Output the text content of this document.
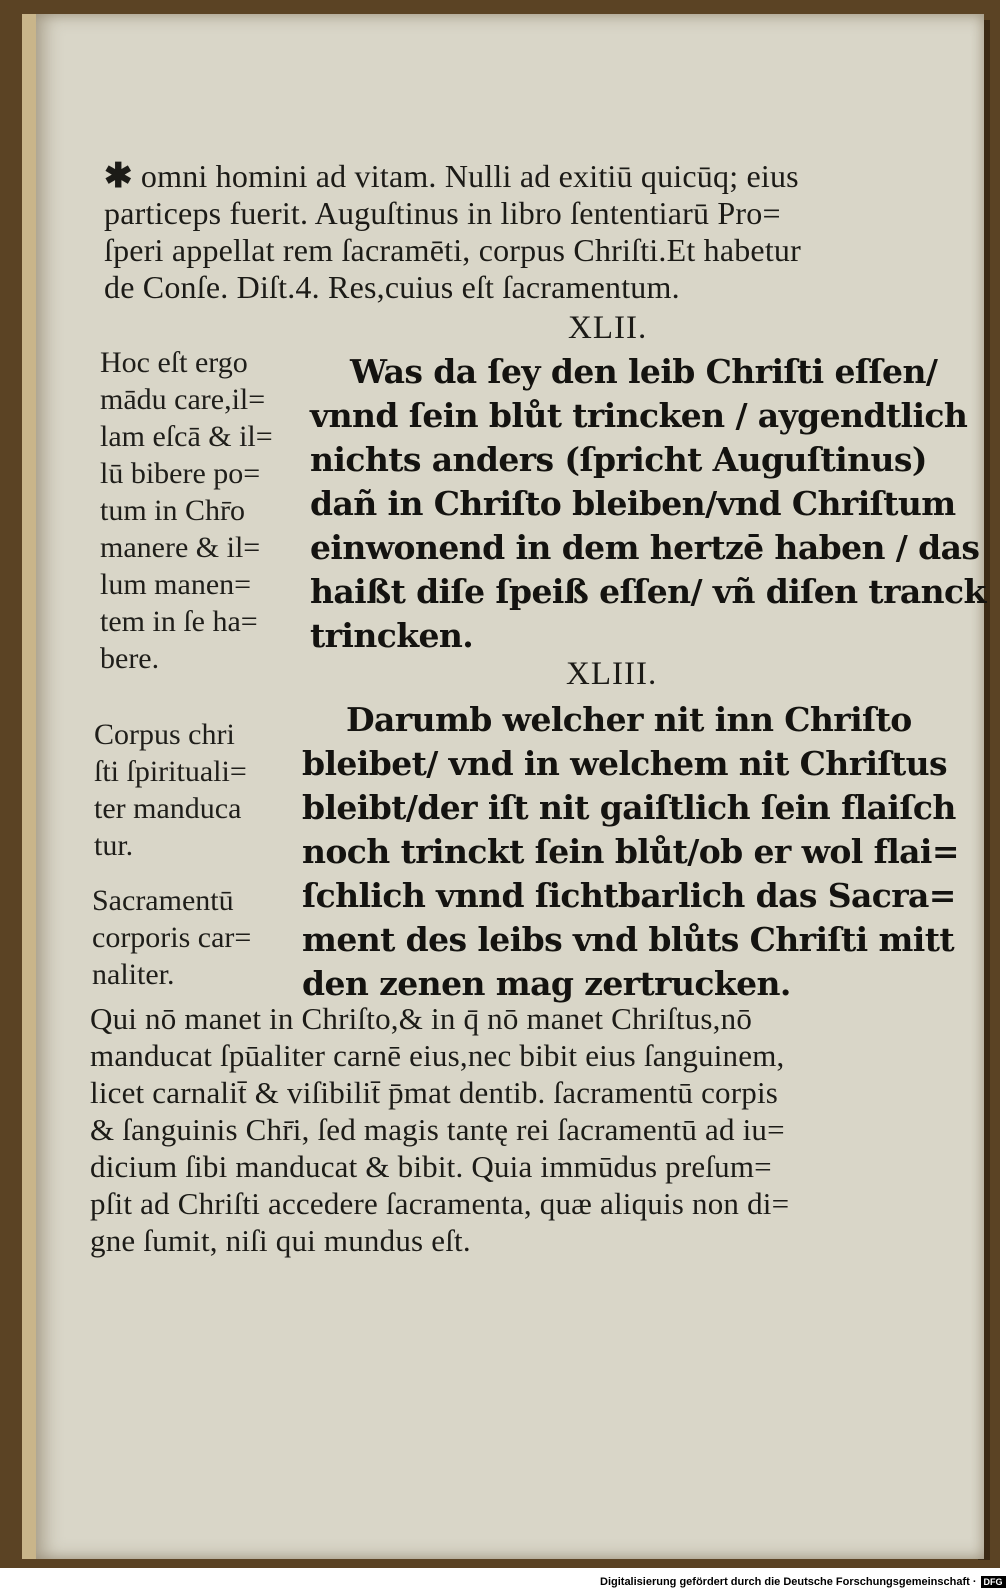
✱ omni homini ad vitam. Nulli ad exitiū quicūq; eius
particeps fuerit. Auguſtinus in libro ſententiarū Pro=
ſperi appellat rem ſacramēti, corpus Chriſti.Et habetur
de Conſe. Diſt.4. Res,cuius eſt ſacramentum.
XLII.
Hoc eſt ergo
mādu care,il=
lam eſcā & il=
lū bibere po=
tum in Chr̄o
manere & il=
lum manen=
tem in ſe ha=
bere.
Was da ſey den leib Chriſti eſſen/
vnnd ſein blůt trincken / aygendtlich
nichts anders (ſpricht Auguſtinus)
dañ in Chriſto bleiben/vnd Chriſtum
einwonend in dem hertzē haben / das
haißt diſe ſpeiß eſſen/ vñ diſen tranck
trincken.
XLIII.
Corpus chri
ſti ſpirituali=
ter manduca
tur.
Sacramentū
corporis car=
naliter.
Darumb welcher nit inn Chriſto
bleibet/ vnd in welchem nit Chriſtus
bleibt/der iſt nit gaiſtlich ſein flaiſch
noch trinckt ſein blůt/ob er wol flai=
ſchlich vnnd ſichtbarlich das Sacra=
ment des leibs vnd blůts Chriſti mitt
den zenen mag zertrucken.
Qui nō manet in Chriſto,& in q̄ nō manet Chriſtus,nō
manducat ſpūaliter carnē eius,nec bibit eius ſanguinem,
licet carnalit̄ & viſibilit̄ p̄mat dentib. ſacramentū corpis
& ſanguinis Chr̄i, ſed magis tantę rei ſacramentū ad iu=
dicium ſibi manducat & bibit. Quia immūdus preſum=
pſit ad Chriſti accedere ſacramenta, quæ aliquis non di=
gne ſumit, niſi qui mundus eſt.
Digitalisierung gefördert durch die Deutsche Forschungsgemeinschaft · DFG
